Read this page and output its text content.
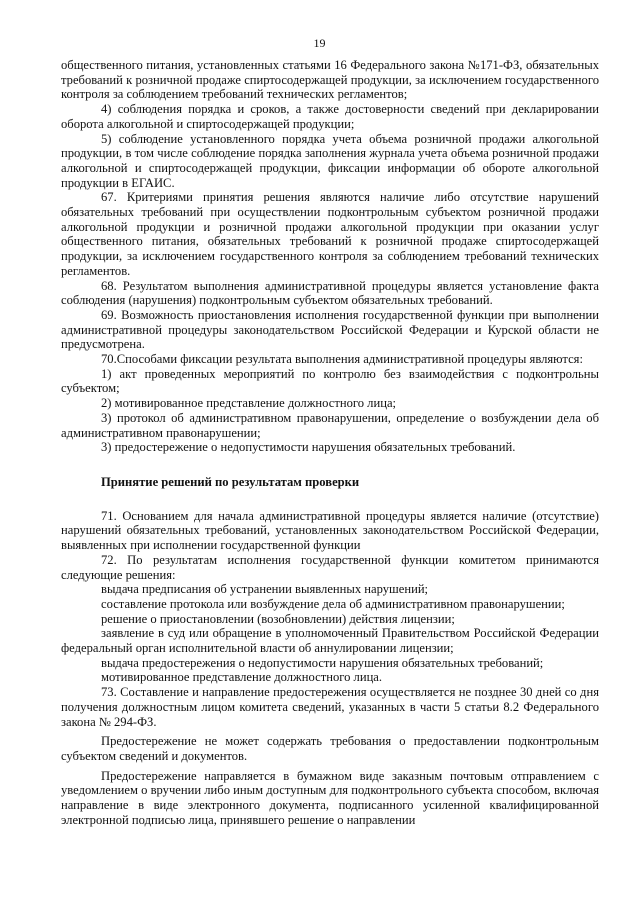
19

общественного питания, установленных статьями 16 Федерального закона №171-ФЗ, обязательных требований к розничной продаже спиртосодержащей продукции, за исключением государственного контроля за соблюдением требований технических регламентов;

4) соблюдения порядка и сроков, а также достоверности сведений при декларировании оборота алкогольной и спиртосодержащей продукции;

5) соблюдение установленного порядка учета объема розничной продажи алкогольной продукции, в том числе соблюдение порядка заполнения журнала учета объема розничной продажи алкогольной и спиртосодержащей продукции, фиксации информации об обороте алкогольной продукции в ЕГАИС.

67. Критериями принятия решения являются наличие либо отсутствие нарушений обязательных требований при осуществлении подконтрольным субъектом розничной продажи алкогольной продукции и розничной продажи алкогольной продукции при оказании услуг общественного питания, обязательных требований к розничной продаже спиртосодержащей продукции, за исключением государственного контроля за соблюдением требований технических регламентов.

68. Результатом выполнения административной процедуры является установление факта соблюдения (нарушения) подконтрольным субъектом обязательных требований.

69. Возможность приостановления исполнения государственной функции при выполнении административной процедуры законодательством Российской Федерации и Курской области не предусмотрена.

70.Способами фиксации результата выполнения административной процедуры являются:

1) акт проведенных мероприятий по контролю без взаимодействия с подконтрольны субъектом;

2) мотивированное представление должностного лица;

3) протокол об административном правонарушении, определение о возбуждении дела об административном правонарушении;

3) предостережение о недопустимости нарушения обязательных требований.

Принятие решений по результатам проверки

71. Основанием для начала административной процедуры является наличие (отсутствие) нарушений обязательных требований, установленных законодательством Российской Федерации, выявленных при исполнении государственной функции

72. По результатам исполнения государственной функции комитетом принимаются следующие решения:

выдача предписания об устранении выявленных нарушений;

составление протокола или возбуждение дела об административном правонарушении;

решение о приостановлении (возобновлении) действия лицензии;

заявление в суд или обращение в уполномоченный Правительством Российской Федерации федеральный орган исполнительной власти об аннулировании лицензии;

выдача предостережения о недопустимости нарушения обязательных требований;

мотивированное представление должностного лица.

73. Составление и направление предостережения осуществляется не позднее 30 дней со дня получения должностным лицом комитета сведений, указанных в части 5 статьи 8.2 Федерального закона № 294-ФЗ.

Предостережение не может содержать требования о предоставлении подконтрольным субъектом сведений и документов.

Предостережение направляется в бумажном виде заказным почтовым отправлением с уведомлением о вручении либо иным доступным для подконтрольного субъекта способом, включая направление в виде электронного документа, подписанного усиленной квалифицированной электронной подписью лица, принявшего решение о направлении
